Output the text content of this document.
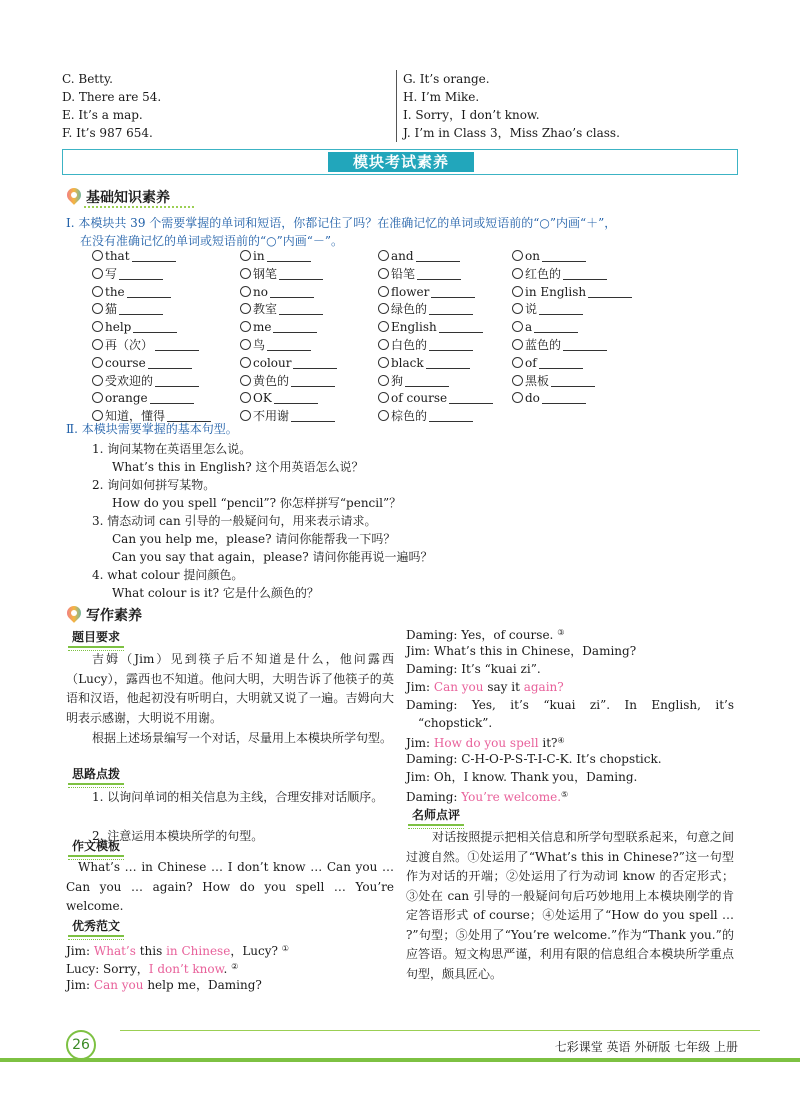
C. Betty.
D. There are 54.
E. It’s a map.
F. It’s 987 654.
G. It’s orange.
H. I’m Mike.
I. Sorry，I don’t know.
J. I’m in Class 3，Miss Zhao’s class.
模块考试素养
基础知识素养
Ⅰ. 本模块共 39 个需要掌握的单词和短语，你都记住了吗？在准确记忆的单词或短语前的“○”内画“＋”，
在没有准确记忆的单词或短语前的“○”内画“－”。
that	in	and	on
写	钢笔	铅笔	红色的
the	no	flower	in English
猫	教室	绿色的	说
help	me	English	a
再（次）	鸟	白色的	蓝色的
course	colour	black	of
受欢迎的	黄色的	狗	黑板
orange	OK	of course	do
知道，懂得	不用谢	棕色的
Ⅱ. 本模块需要掌握的基本句型。
1. 询问某物在英语里怎么说。
What’s this in English? 这个用英语怎么说？
2. 询问如何拼写某物。
How do you spell “pencil”? 你怎样拼写“pencil”？
3. 情态动词 can 引导的一般疑问句，用来表示请求。
Can you help me，please? 请问你能帮我一下吗？
Can you say that again，please? 请问你能再说一遍吗？
4. what colour 提问颜色。
What colour is it? 它是什么颜色的？
写作素养
题目要求
吉姆（Jim）见到筷子后不知道是什么，他问露西（Lucy），露西也不知道。他问大明，大明告诉了他筷子的英语和汉语，他起初没有听明白，大明就又说了一遍。吉姆向大明表示感谢，大明说不用谢。
根据上述场景编写一个对话，尽量用上本模块所学句型。
思路点拨
1. 以询问单词的相关信息为主线，合理安排对话顺序。
2. 注意运用本模块所学的句型。
作文模板
What’s … in Chinese … I don’t know … Can you … Can you … again? How do you spell … You’re welcome.
优秀范文
Jim: What’s this in Chinese，Lucy? ①
Lucy: Sorry，I don’t know. ②
Jim: Can you help me，Daming?
Daming: Yes，of course. ③
Jim: What’s this in Chinese，Daming?
Daming: It’s “kuai zi”.
Jim: Can you say it again?
Daming: Yes, it’s “kuai zi”. In English, it’s
“chopstick”.
Jim: How do you spell it?④
Daming: C-H-O-P-S-T-I-C-K. It’s chopstick.
Jim: Oh，I know. Thank you，Daming.
Daming: You’re welcome.⑤
名师点评
对话按照提示把相关信息和所学句型联系起来，句意之间过渡自然。①处运用了“What’s this in Chinese?”这一句型作为对话的开端；②处运用了行为动词 know 的否定形式；③处在 can 引导的一般疑问句后巧妙地用上本模块刚学的肯定答语形式 of course；④处运用了“How do you spell … ?”句型；⑤处用了“You’re welcome.”作为“Thank you.”的应答语。短文构思严谨，利用有限的信息组合本模块所学重点句型，颇具匠心。
26	七彩课堂 英语 外研版 七年级 上册
